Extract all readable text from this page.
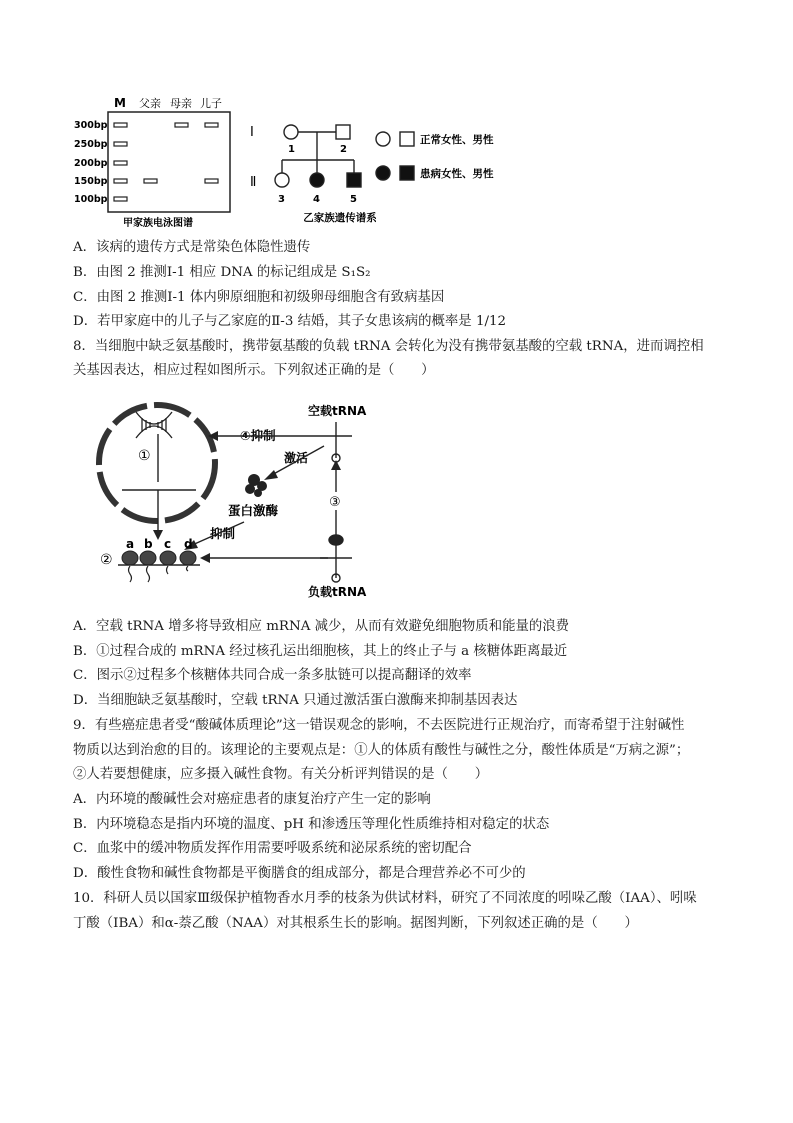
M 父亲 母亲 儿子
300bp
250bp
200bp
150bp
100bp
甲家族电泳图谱
Ⅰ
Ⅱ
1	2
3	4	5
正常女性、男性
患病女性、男性
乙家族遗传谱系
A．该病的遗传方式是常染色体隐性遗传
B．由图 2 推测Ⅰ-1 相应 DNA 的标记组成是 S₁S₂
C．由图 2 推测Ⅰ-1 体内卵原细胞和初级卵母细胞含有致病基因
D．若甲家庭中的儿子与乙家庭的Ⅱ-3 结婚，其子女患该病的概率是 1/12
8．当细胞中缺乏氨基酸时，携带氨基酸的负载 tRNA 会转化为没有携带氨基酸的空载 tRNA，进而调控相
关基因表达，相应过程如图所示。下列叙述正确的是（　　）
①
空载tRNA
④抑制
激活
蛋白激酶
③
抑制
负载tRNA
②
a b c d
A．空载 tRNA 增多将导致相应 mRNA 减少，从而有效避免细胞物质和能量的浪费
B．①过程合成的 mRNA 经过核孔运出细胞核，其上的终止子与 a 核糖体距离最近
C．图示②过程多个核糖体共同合成一条多肽链可以提高翻译的效率
D．当细胞缺乏氨基酸时，空载 tRNA 只通过激活蛋白激酶来抑制基因表达
9．有些癌症患者受“酸碱体质理论”这一错误观念的影响，不去医院进行正规治疗，而寄希望于注射碱性
物质以达到治愈的目的。该理论的主要观点是：①人的体质有酸性与碱性之分，酸性体质是“万病之源”；
②人若要想健康，应多摄入碱性食物。有关分析评判错误的是（　　）
A．内环境的酸碱性会对癌症患者的康复治疗产生一定的影响
B．内环境稳态是指内环境的温度、pH 和渗透压等理化性质维持相对稳定的状态
C．血浆中的缓冲物质发挥作用需要呼吸系统和泌尿系统的密切配合
D．酸性食物和碱性食物都是平衡膳食的组成部分，都是合理营养必不可少的
10．科研人员以国家Ⅲ级保护植物香水月季的枝条为供试材料，研究了不同浓度的吲哚乙酸（IAA）、吲哚
丁酸（IBA）和α-萘乙酸（NAA）对其根系生长的影响。据图判断，下列叙述正确的是（　　）
